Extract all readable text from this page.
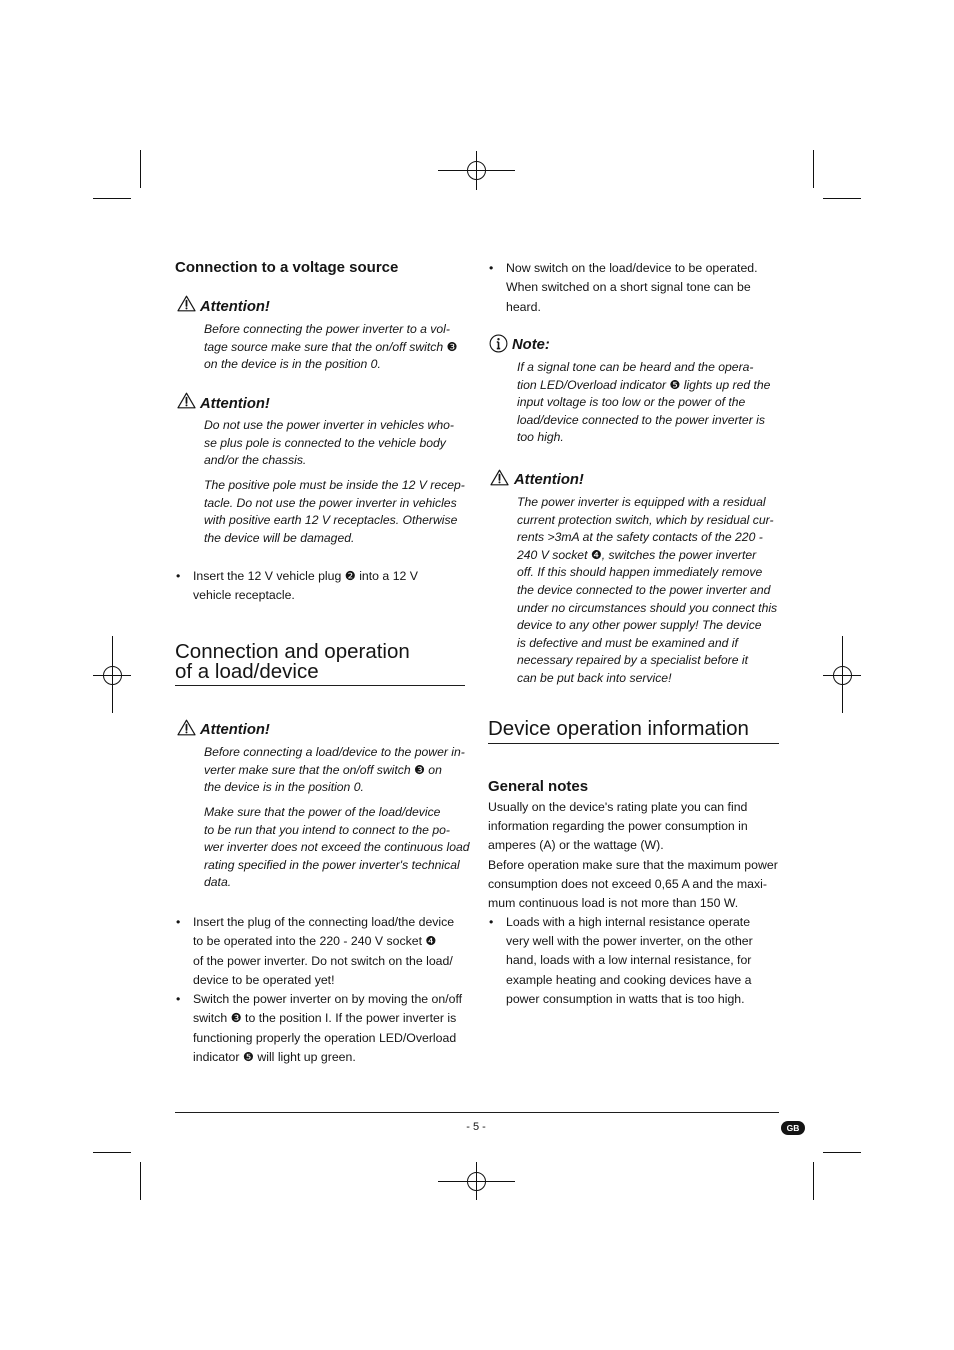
Connection to a voltage source
Attention!
Before connecting the power inverter to a vol-
tage source make sure that the on/off switch ❸
on the device is in the position 0.
Attention!
Do not use the power inverter in vehicles who-
se plus pole is connected to the vehicle body
and/or the chassis.
The positive pole must be inside the 12 V recep-
tacle. Do not use the power inverter in vehicles
with positive earth 12 V receptacles. Otherwise
the device will be damaged.
•	Insert the 12 V vehicle plug ❷ into a 12 V
vehicle receptacle.
Connection and operation
of a load/device
Attention!
Before connecting a load/device to the power in-
verter make sure that the on/off switch ❸ on
the device is in the position 0.
Make sure that the power of the load/device
to be run that you intend to connect to the po-
wer inverter does not exceed the continuous load
rating specified in the power inverter's technical
data.
•	Insert the plug of the connecting load/the device
to be operated into the 220 - 240 V socket ❹
of the power inverter. Do not switch on the load/
device to be operated yet!
•	Switch the power inverter on by moving the on/off
switch ❸ to the position I. If the power inverter is
functioning properly the operation LED/Overload
indicator ❺ will light up green.
•	Now switch on the load/device to be operated.
When switched on a short signal tone can be
heard.
Note:
If a signal tone can be heard and the opera-
tion LED/Overload indicator ❺ lights up red the
input voltage is too low or the power of the
load/device connected to the power inverter is
too high.
Attention!
The power inverter is equipped with a residual
current protection switch, which by residual cur-
rents >3mA at the safety contacts of the 220 -
240 V socket ❹, switches the power inverter
off. If this should happen immediately remove
the device connected to the power inverter and
under no circumstances should you connect this
device to any other power supply! The device
is defective and must be examined and if
necessary repaired by a specialist before it
can be put back into service!
Device operation information
General notes
Usually on the device's rating plate you can find
information regarding the power consumption in
amperes (A) or the wattage (W).
Before operation make sure that the maximum power
consumption does not exceed 0,65 A and the maxi-
mum continuous load is not more than 150 W.
•	Loads with a high internal resistance operate
very well with the power inverter, on the other
hand, loads with a low internal resistance, for
example heating and cooking devices have a
power consumption in watts that is too high.
- 5 -	GB
